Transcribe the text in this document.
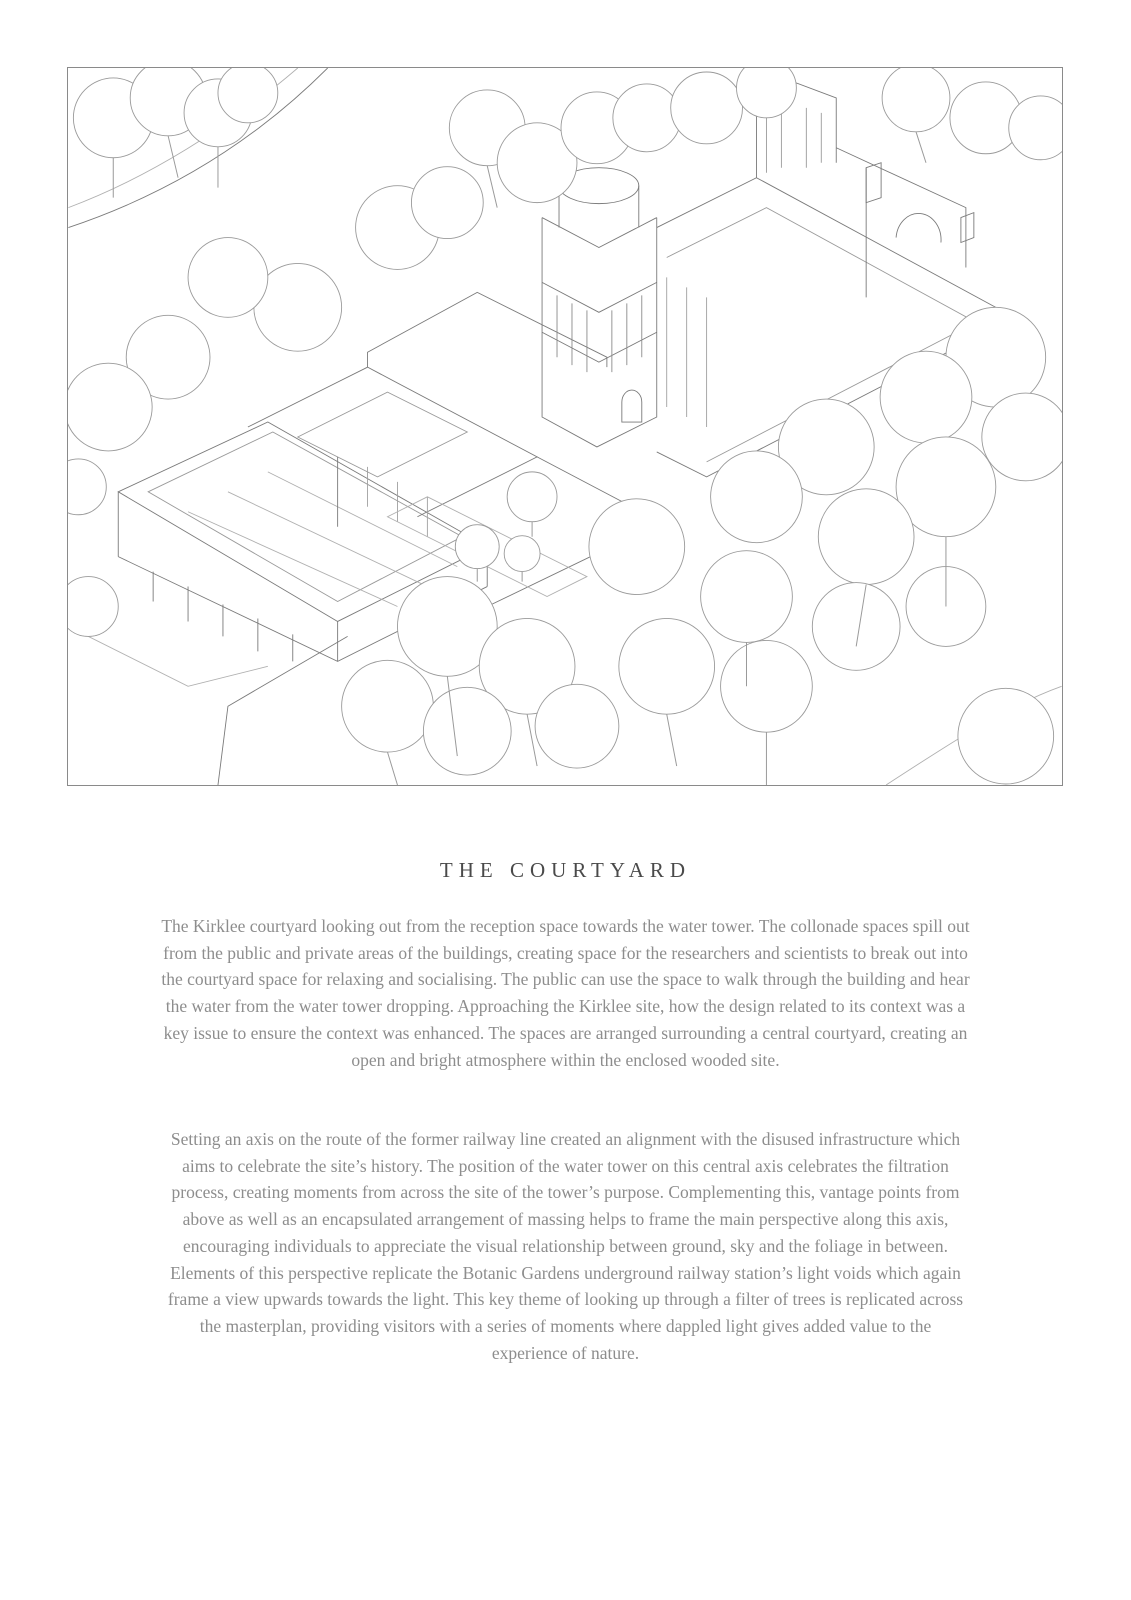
THE COURTYARD

The Kirklee courtyard looking out from the reception space towards the water tower. The collonade spaces spill out from the public and private areas of the buildings, creating space for the researchers and scientists to break out into the courtyard space for relaxing and socialising. The public can use the space to walk through the building and hear the water from the water tower dropping. Approaching the Kirklee site, how the design related to its context was a key issue to ensure the context was enhanced. The spaces are arranged surrounding a central courtyard, creating an open and bright atmosphere within the enclosed wooded site.

Setting an axis on the route of the former railway line created an alignment with the disused infrastructure which aims to celebrate the site’s history. The position of the water tower on this central axis celebrates the filtration process, creating moments from across the site of the tower’s purpose. Complementing this, vantage points from above as well as an encapsulated arrangement of massing helps to frame the main perspective along this axis, encouraging individuals to appreciate the visual relationship between ground, sky and the foliage in between. Elements of this perspective replicate the Botanic Gardens underground railway station’s light voids which again frame a view upwards towards the light. This key theme of looking up through a filter of trees is replicated across the masterplan, providing visitors with a series of moments where dappled light gives added value to the experience of nature.
